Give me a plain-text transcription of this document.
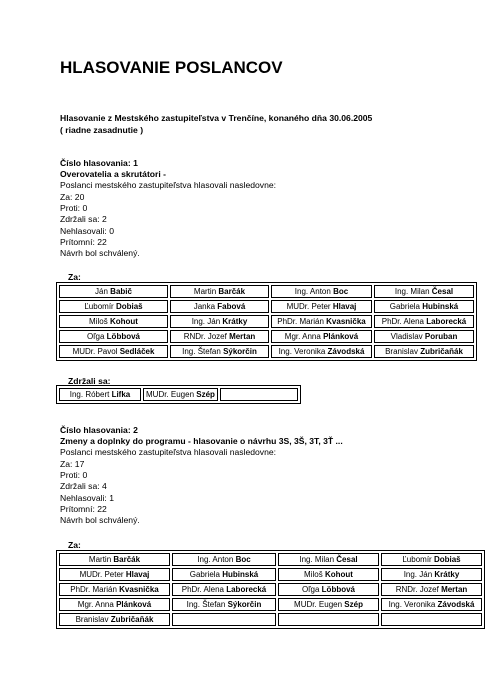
HLASOVANIE POSLANCOV
Hlasovanie z Mestského zastupiteľstva v Trenčíne, konaného dňa 30.06.2005
( riadne zasadnutie )
Číslo hlasovania: 1
Overovatelia a skrutátori -
Poslanci mestského zastupiteľstva hlasovali nasledovne:
Za: 20
Proti: 0
Zdržali sa: 2
Nehlasovali: 0
Prítomní: 22
Návrh bol schválený.
Za:
Ján Babič	Martin Barčák	Ing. Anton Boc	Ing. Milan Česal
Ľubomír Dobiaš	Janka Fabová	MUDr. Peter Hlavaj	Gabriela Hubinská
Miloš Kohout	Ing. Ján Krátky	PhDr. Marián Kvasnička	PhDr. Alena Laborecká
Oľga Löbbová	RNDr. Jozef Mertan	Mgr. Anna Plánková	Vladislav Poruban
MUDr. Pavol Sedláček	Ing. Štefan Sýkorčin	Ing. Veronika Závodská	Branislav Zubričaňák
Zdržali sa:
Ing. Róbert Lifka	MUDr. Eugen Szép	
Číslo hlasovania: 2
Zmeny a doplnky do programu - hlasovanie o návrhu 3S, 3Š, 3T, 3Ť ...
Poslanci mestského zastupiteľstva hlasovali nasledovne:
Za: 17
Proti: 0
Zdržali sa: 4
Nehlasovali: 1
Prítomní: 22
Návrh bol schválený.
Za:
Martin Barčák	Ing. Anton Boc	Ing. Milan Česal	Ľubomír Dobiaš
MUDr. Peter Hlavaj	Gabriela Hubinská	Miloš Kohout	Ing. Ján Krátky
PhDr. Marián Kvasnička	PhDr. Alena Laborecká	Oľga Löbbová	RNDr. Jozef Mertan
Mgr. Anna Plánková	Ing. Štefan Sýkorčin	MUDr. Eugen Szép	Ing. Veronika Závodská
Branislav Zubričaňák			
